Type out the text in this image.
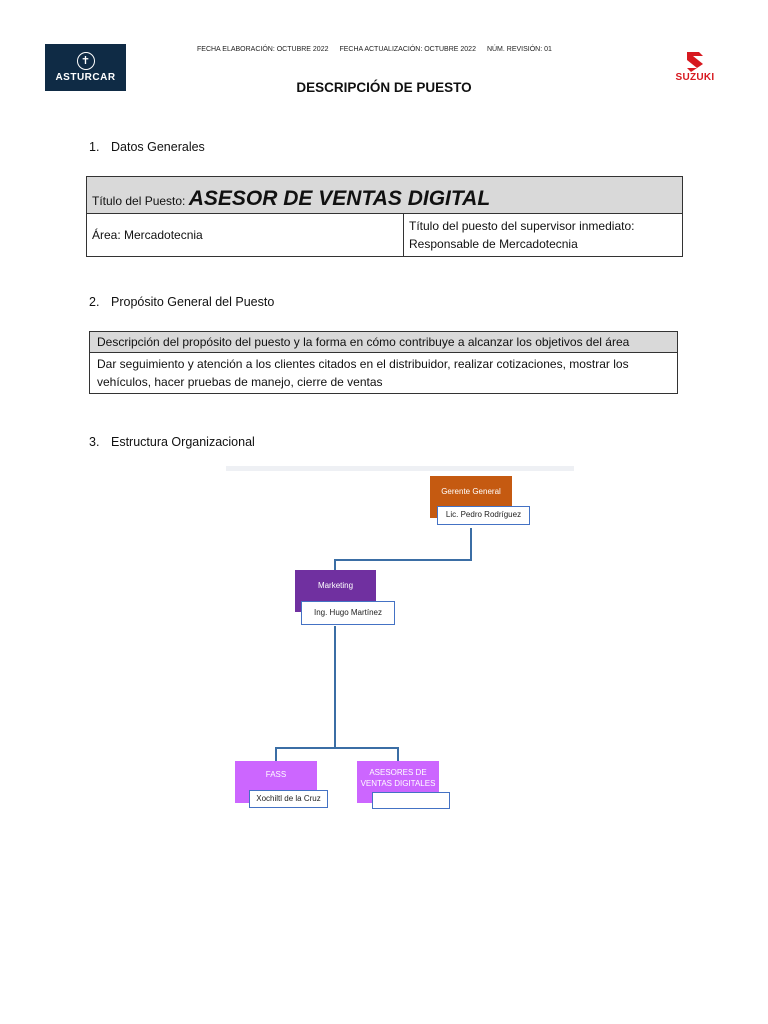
✝
ASTURCAR
FECHA ELABORACIÓN: OCTUBRE 2022 FECHA ACTUALIZACIÓN: OCTUBRE 2022 NÚM. REVISIÓN: 01
DESCRIPCIÓN DE PUESTO
SUZUKI
1. Datos Generales
Título del Puesto: ASESOR DE VENTAS DIGITAL
Área: Mercadotecnia	
Título del puesto del supervisor inmediato:
Responsable de Mercadotecnia
2. Propósito General del Puesto
Descripción del propósito del puesto y la forma en cómo contribuye a alcanzar los objetivos del área
Dar seguimiento y atención a los clientes citados en el distribuidor, realizar cotizaciones, mostrar los vehículos, hacer pruebas de manejo, cierre de ventas
3. Estructura Organizacional
Gerente General
Lic. Pedro Rodríguez
Marketing
Ing. Hugo Martínez
FASS
Xochiltl de la Cruz
ASESORES DE VENTAS DIGITALES
